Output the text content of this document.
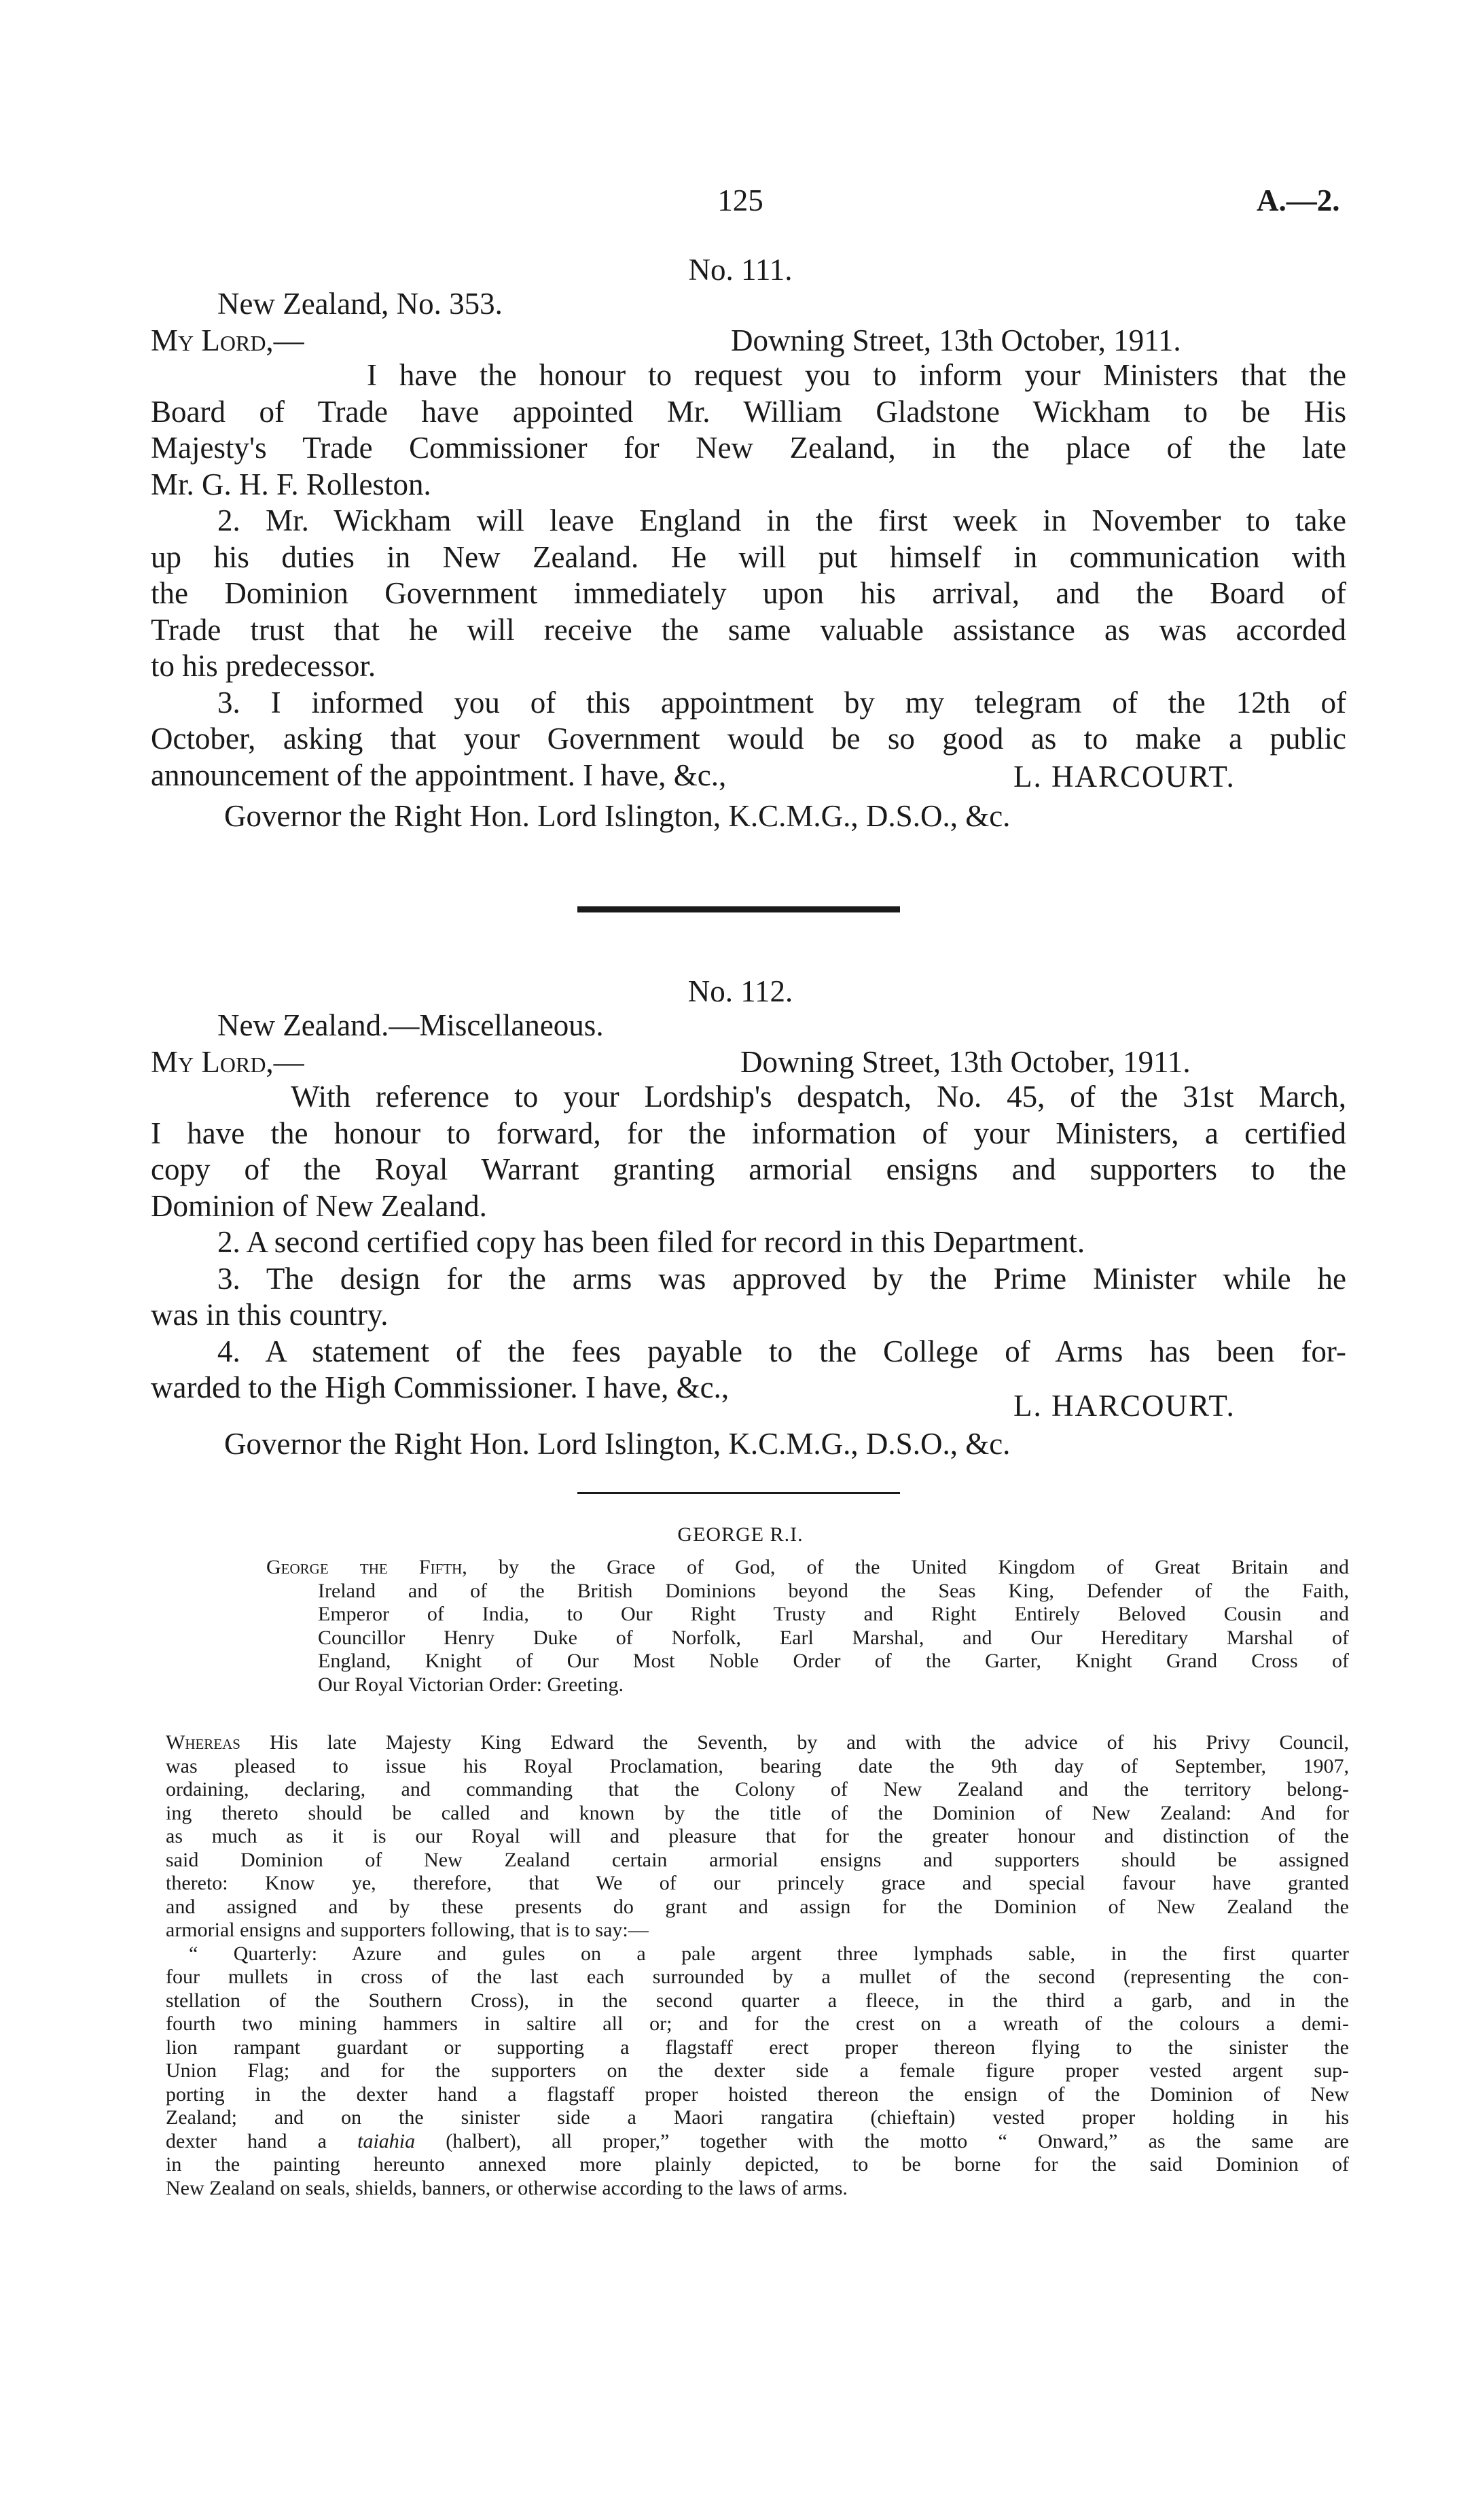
125	A.—2.
No. 111.
New Zealand, No. 353.
My Lord,—	Downing Street, 13th October, 1911.
I have the honour to request you to inform your Ministers that the
Board of Trade have appointed Mr. William Gladstone Wickham to be His
Majesty's Trade Commissioner for New Zealand, in the place of the late
Mr. G. H. F. Rolleston.
2. Mr. Wickham will leave England in the first week in November to take
up his duties in New Zealand. He will put himself in communication with
the Dominion Government immediately upon his arrival, and the Board of
Trade trust that he will receive the same valuable assistance as was accorded
to his predecessor.
3. I informed you of this appointment by my telegram of the 12th of
October, asking that your Government would be so good as to make a public
announcement of the appointment. I have, &c.,	L. HARCOURT.
Governor the Right Hon. Lord Islington, K.C.M.G., D.S.O., &c.
No. 112.
New Zealand.—Miscellaneous.
My Lord,—	Downing Street, 13th October, 1911.
With reference to your Lordship's despatch, No. 45, of the 31st March,
I have the honour to forward, for the information of your Ministers, a certified
copy of the Royal Warrant granting armorial ensigns and supporters to the
Dominion of New Zealand.
2. A second certified copy has been filed for record in this Department.
3. The design for the arms was approved by the Prime Minister while he
was in this country.
4. A statement of the fees payable to the College of Arms has been for-
warded to the High Commissioner. I have, &c.,
L. HARCOURT.
Governor the Right Hon. Lord Islington, K.C.M.G., D.S.O., &c.
GEORGE R.I.
George the Fifth, by the Grace of God, of the United Kingdom of Great Britain and
Ireland and of the British Dominions beyond the Seas King, Defender of the Faith,
Emperor of India, to Our Right Trusty and Right Entirely Beloved Cousin and
Councillor Henry Duke of Norfolk, Earl Marshal, and Our Hereditary Marshal of
England, Knight of Our Most Noble Order of the Garter, Knight Grand Cross of
Our Royal Victorian Order: Greeting.
Whereas His late Majesty King Edward the Seventh, by and with the advice of his Privy Council,
was pleased to issue his Royal Proclamation, bearing date the 9th day of September, 1907,
ordaining, declaring, and commanding that the Colony of New Zealand and the territory belong-
ing thereto should be called and known by the title of the Dominion of New Zealand: And for
as much as it is our Royal will and pleasure that for the greater honour and distinction of the
said Dominion of New Zealand certain armorial ensigns and supporters should be assigned
thereto: Know ye, therefore, that We of our princely grace and special favour have granted
and assigned and by these presents do grant and assign for the Dominion of New Zealand the
armorial ensigns and supporters following, that is to say:—
“ Quarterly: Azure and gules on a pale argent three lymphads sable, in the first quarter
four mullets in cross of the last each surrounded by a mullet of the second (representing the con-
stellation of the Southern Cross), in the second quarter a fleece, in the third a garb, and in the
fourth two mining hammers in saltire all or; and for the crest on a wreath of the colours a demi-
lion rampant guardant or supporting a flagstaff erect proper thereon flying to the sinister the
Union Flag; and for the supporters on the dexter side a female figure proper vested argent sup-
porting in the dexter hand a flagstaff proper hoisted thereon the ensign of the Dominion of New
Zealand; and on the sinister side a Maori rangatira (chieftain) vested proper holding in his
dexter hand a taiahia (halbert), all proper,” together with the motto “ Onward,” as the same are
in the painting hereunto annexed more plainly depicted, to be borne for the said Dominion of
New Zealand on seals, shields, banners, or otherwise according to the laws of arms.
